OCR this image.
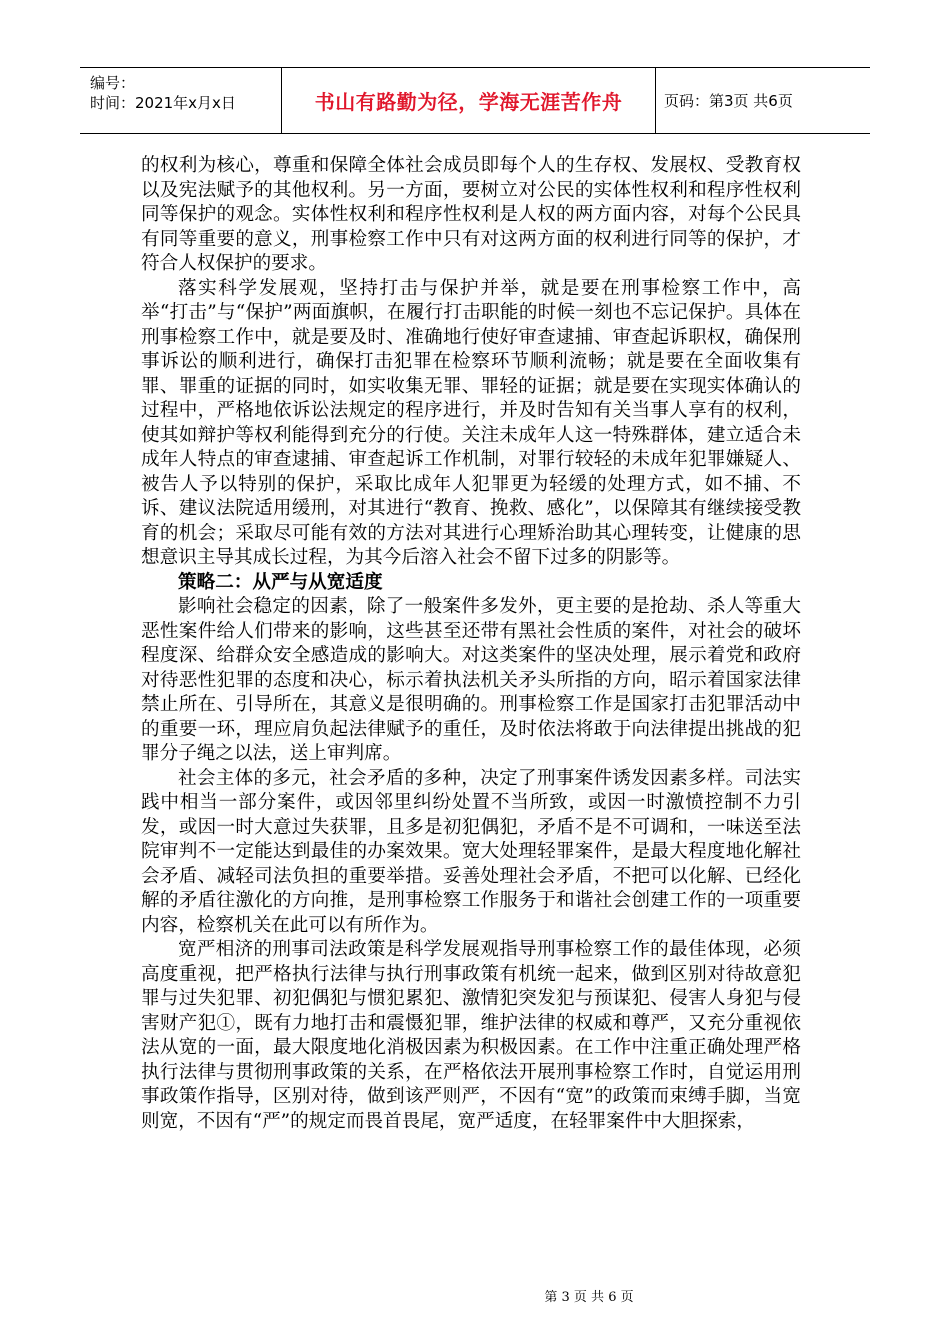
编号：
时间：2021年x月x日	书山有路勤为径，学海无涯苦作舟	页码：第3页 共6页

的权利为核心，尊重和保障全体社会成员即每个人的生存权、发展权、受教育权以及宪法赋予的其他权利。另一方面，要树立对公民的实体性权利和程序性权利同等保护的观念。实体性权利和程序性权利是人权的两方面内容，对每个公民具有同等重要的意义，刑事检察工作中只有对这两方面的权利进行同等的保护，才符合人权保护的要求。

落实科学发展观，坚持打击与保护并举，就是要在刑事检察工作中，高举“打击”与“保护”两面旗帜，在履行打击职能的时候一刻也不忘记保护。具体在刑事检察工作中，就是要及时、准确地行使好审查逮捕、审查起诉职权，确保刑事诉讼的顺利进行，确保打击犯罪在检察环节顺利流畅；就是要在全面收集有罪、罪重的证据的同时，如实收集无罪、罪轻的证据；就是要在实现实体确认的过程中，严格地依诉讼法规定的程序进行，并及时告知有关当事人享有的权利，使其如辩护等权利能得到充分的行使。关注未成年人这一特殊群体，建立适合未成年人特点的审查逮捕、审查起诉工作机制，对罪行较轻的未成年犯罪嫌疑人、被告人予以特别的保护，采取比成年人犯罪更为轻缓的处理方式，如不捕、不诉、建议法院适用缓刑，对其进行“教育、挽救、感化”，以保障其有继续接受教育的机会；采取尽可能有效的方法对其进行心理矫治助其心理转变，让健康的思想意识主导其成长过程，为其今后溶入社会不留下过多的阴影等。

策略二：从严与从宽适度

影响社会稳定的因素，除了一般案件多发外，更主要的是抢劫、杀人等重大恶性案件给人们带来的影响，这些甚至还带有黑社会性质的案件，对社会的破坏程度深、给群众安全感造成的影响大。对这类案件的坚决处理，展示着党和政府对待恶性犯罪的态度和决心，标示着执法机关矛头所指的方向，昭示着国家法律禁止所在、引导所在，其意义是很明确的。刑事检察工作是国家打击犯罪活动中的重要一环，理应肩负起法律赋予的重任，及时依法将敢于向法律提出挑战的犯罪分子绳之以法，送上审判席。

社会主体的多元，社会矛盾的多种，决定了刑事案件诱发因素多样。司法实践中相当一部分案件，或因邻里纠纷处置不当所致，或因一时激愤控制不力引发，或因一时大意过失获罪，且多是初犯偶犯，矛盾不是不可调和，一味送至法院审判不一定能达到最佳的办案效果。宽大处理轻罪案件，是最大程度地化解社会矛盾、减轻司法负担的重要举措。妥善处理社会矛盾，不把可以化解、已经化解的矛盾往激化的方向推，是刑事检察工作服务于和谐社会创建工作的一项重要内容，检察机关在此可以有所作为。

宽严相济的刑事司法政策是科学发展观指导刑事检察工作的最佳体现，必须高度重视，把严格执行法律与执行刑事政策有机统一起来，做到区别对待故意犯罪与过失犯罪、初犯偶犯与惯犯累犯、激情犯突发犯与预谋犯、侵害人身犯与侵害财产犯①，既有力地打击和震慑犯罪，维护法律的权威和尊严，又充分重视依法从宽的一面，最大限度地化消极因素为积极因素。在工作中注重正确处理严格执行法律与贯彻刑事政策的关系，在严格依法开展刑事检察工作时，自觉运用刑事政策作指导，区别对待，做到该严则严，不因有“宽”的政策而束缚手脚，当宽则宽，不因有“严”的规定而畏首畏尾，宽严适度，在轻罪案件中大胆探索，

第 3 页 共 6 页
